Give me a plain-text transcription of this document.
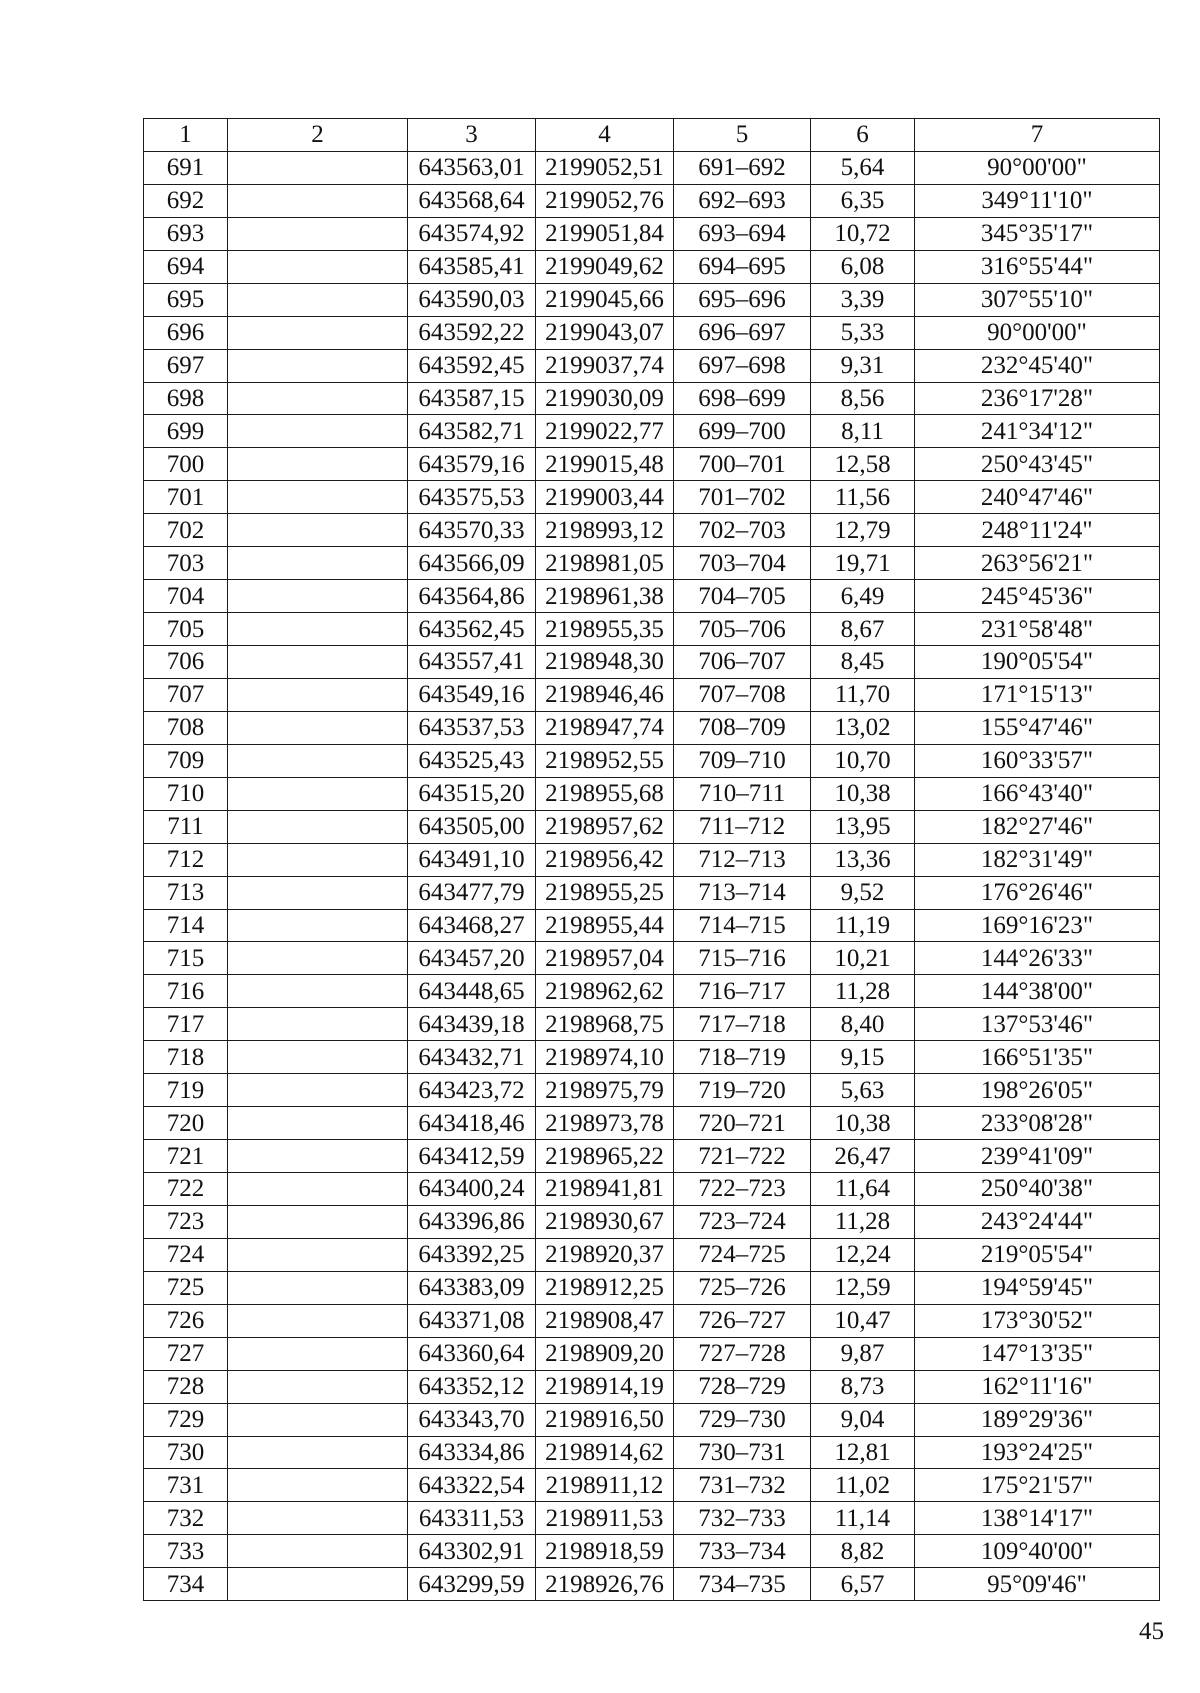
1	2	3	4	5	6	7
691		643563,01	2199052,51	691–692	5,64	90°00'00"
692		643568,64	2199052,76	692–693	6,35	349°11'10"
693		643574,92	2199051,84	693–694	10,72	345°35'17"
694		643585,41	2199049,62	694–695	6,08	316°55'44"
695		643590,03	2199045,66	695–696	3,39	307°55'10"
696		643592,22	2199043,07	696–697	5,33	90°00'00"
697		643592,45	2199037,74	697–698	9,31	232°45'40"
698		643587,15	2199030,09	698–699	8,56	236°17'28"
699		643582,71	2199022,77	699–700	8,11	241°34'12"
700		643579,16	2199015,48	700–701	12,58	250°43'45"
701		643575,53	2199003,44	701–702	11,56	240°47'46"
702		643570,33	2198993,12	702–703	12,79	248°11'24"
703		643566,09	2198981,05	703–704	19,71	263°56'21"
704		643564,86	2198961,38	704–705	6,49	245°45'36"
705		643562,45	2198955,35	705–706	8,67	231°58'48"
706		643557,41	2198948,30	706–707	8,45	190°05'54"
707		643549,16	2198946,46	707–708	11,70	171°15'13"
708		643537,53	2198947,74	708–709	13,02	155°47'46"
709		643525,43	2198952,55	709–710	10,70	160°33'57"
710		643515,20	2198955,68	710–711	10,38	166°43'40"
711		643505,00	2198957,62	711–712	13,95	182°27'46"
712		643491,10	2198956,42	712–713	13,36	182°31'49"
713		643477,79	2198955,25	713–714	9,52	176°26'46"
714		643468,27	2198955,44	714–715	11,19	169°16'23"
715		643457,20	2198957,04	715–716	10,21	144°26'33"
716		643448,65	2198962,62	716–717	11,28	144°38'00"
717		643439,18	2198968,75	717–718	8,40	137°53'46"
718		643432,71	2198974,10	718–719	9,15	166°51'35"
719		643423,72	2198975,79	719–720	5,63	198°26'05"
720		643418,46	2198973,78	720–721	10,38	233°08'28"
721		643412,59	2198965,22	721–722	26,47	239°41'09"
722		643400,24	2198941,81	722–723	11,64	250°40'38"
723		643396,86	2198930,67	723–724	11,28	243°24'44"
724		643392,25	2198920,37	724–725	12,24	219°05'54"
725		643383,09	2198912,25	725–726	12,59	194°59'45"
726		643371,08	2198908,47	726–727	10,47	173°30'52"
727		643360,64	2198909,20	727–728	9,87	147°13'35"
728		643352,12	2198914,19	728–729	8,73	162°11'16"
729		643343,70	2198916,50	729–730	9,04	189°29'36"
730		643334,86	2198914,62	730–731	12,81	193°24'25"
731		643322,54	2198911,12	731–732	11,02	175°21'57"
732		643311,53	2198911,53	732–733	11,14	138°14'17"
733		643302,91	2198918,59	733–734	8,82	109°40'00"
734		643299,59	2198926,76	734–735	6,57	95°09'46"
45
